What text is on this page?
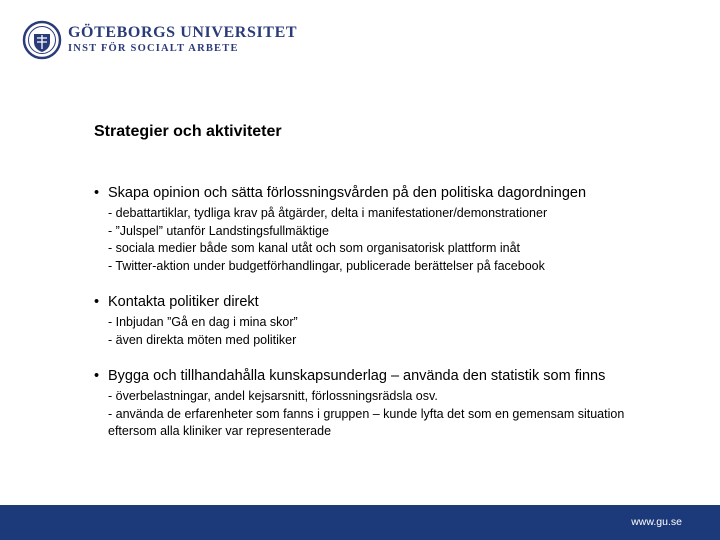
GÖTEBORGS UNIVERSITET
INST FÖR SOCIALT ARBETE
Strategier och aktiviteter
• Skapa opinion och sätta förlossningsvården på den politiska dagordningen
- debattartiklar, tydliga krav på åtgärder, delta i manifestationer/demonstrationer
- ”Julspel” utanför Landstingsfullmäktige
- sociala medier både som kanal utåt och som organisatorisk plattform inåt
- Twitter-aktion under budgetförhandlingar, publicerade berättelser på facebook
• Kontakta politiker direkt
- Inbjudan ”Gå en dag i mina skor”
- även direkta möten med politiker
• Bygga och tillhandahålla kunskapsunderlag – använda den statistik som finns
- överbelastningar, andel kejsarsnitt, förlossningsrädsla osv.
- använda de erfarenheter som fanns i gruppen – kunde lyfta det som en gemensam situation eftersom alla kliniker var representerade
www.gu.se
